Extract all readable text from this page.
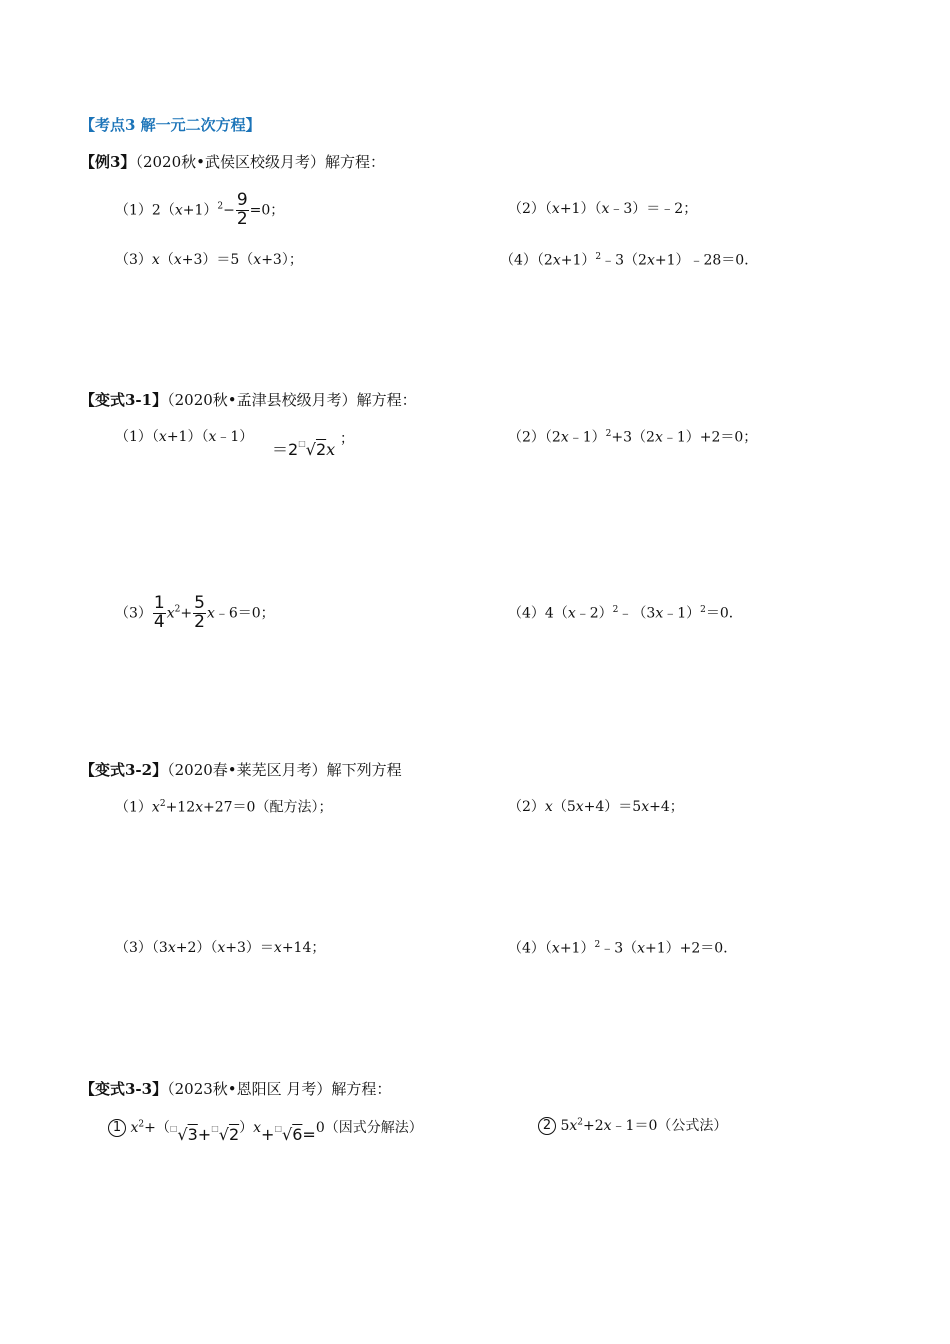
【考点3 解一元二次方程】
【例3】（2020秋•武侯区校级月考）解方程：
$(1)2(x+1)^2- \frac{9}{2} =0$；	（2）（x+1）（x﹣3）＝﹣2；
（3）x（x+3）＝5（x+3）；	$(4)(2x+1)^2﹣3(2x+1)﹣28=0$．
【变式3-1】（2020秋•孟津县校级月考）解方程：
（1）（x+1）（x﹣1）
＝2□√2x
；	（2）（2x﹣1）$^2$+3（2x﹣1）+2＝0；
$(3) \frac{1}{4} x^2+ \frac{5}{2}$ x﹣6＝0；	（4）4（x﹣2）$^2$﹣（3x﹣1）$^2$＝0．
【变式3-2】（2020春•莱芜区月考）解下列方程
$(1)x^2+12x+27=0$（配方法）；	（2）x（5x+4）＝5x+4；
（3）（3x+2）（x+3）＝x+14；	$(4)(x+1)^2﹣3(x+1)+2=0$．
【变式3-3】（2023秋•恩阳区 月考）解方程：
1 $x^2+(^□√3+^□√2)x+^□√6=0$（因式分解法）	2 $5x^2+2x﹣1=0$（公式法）
